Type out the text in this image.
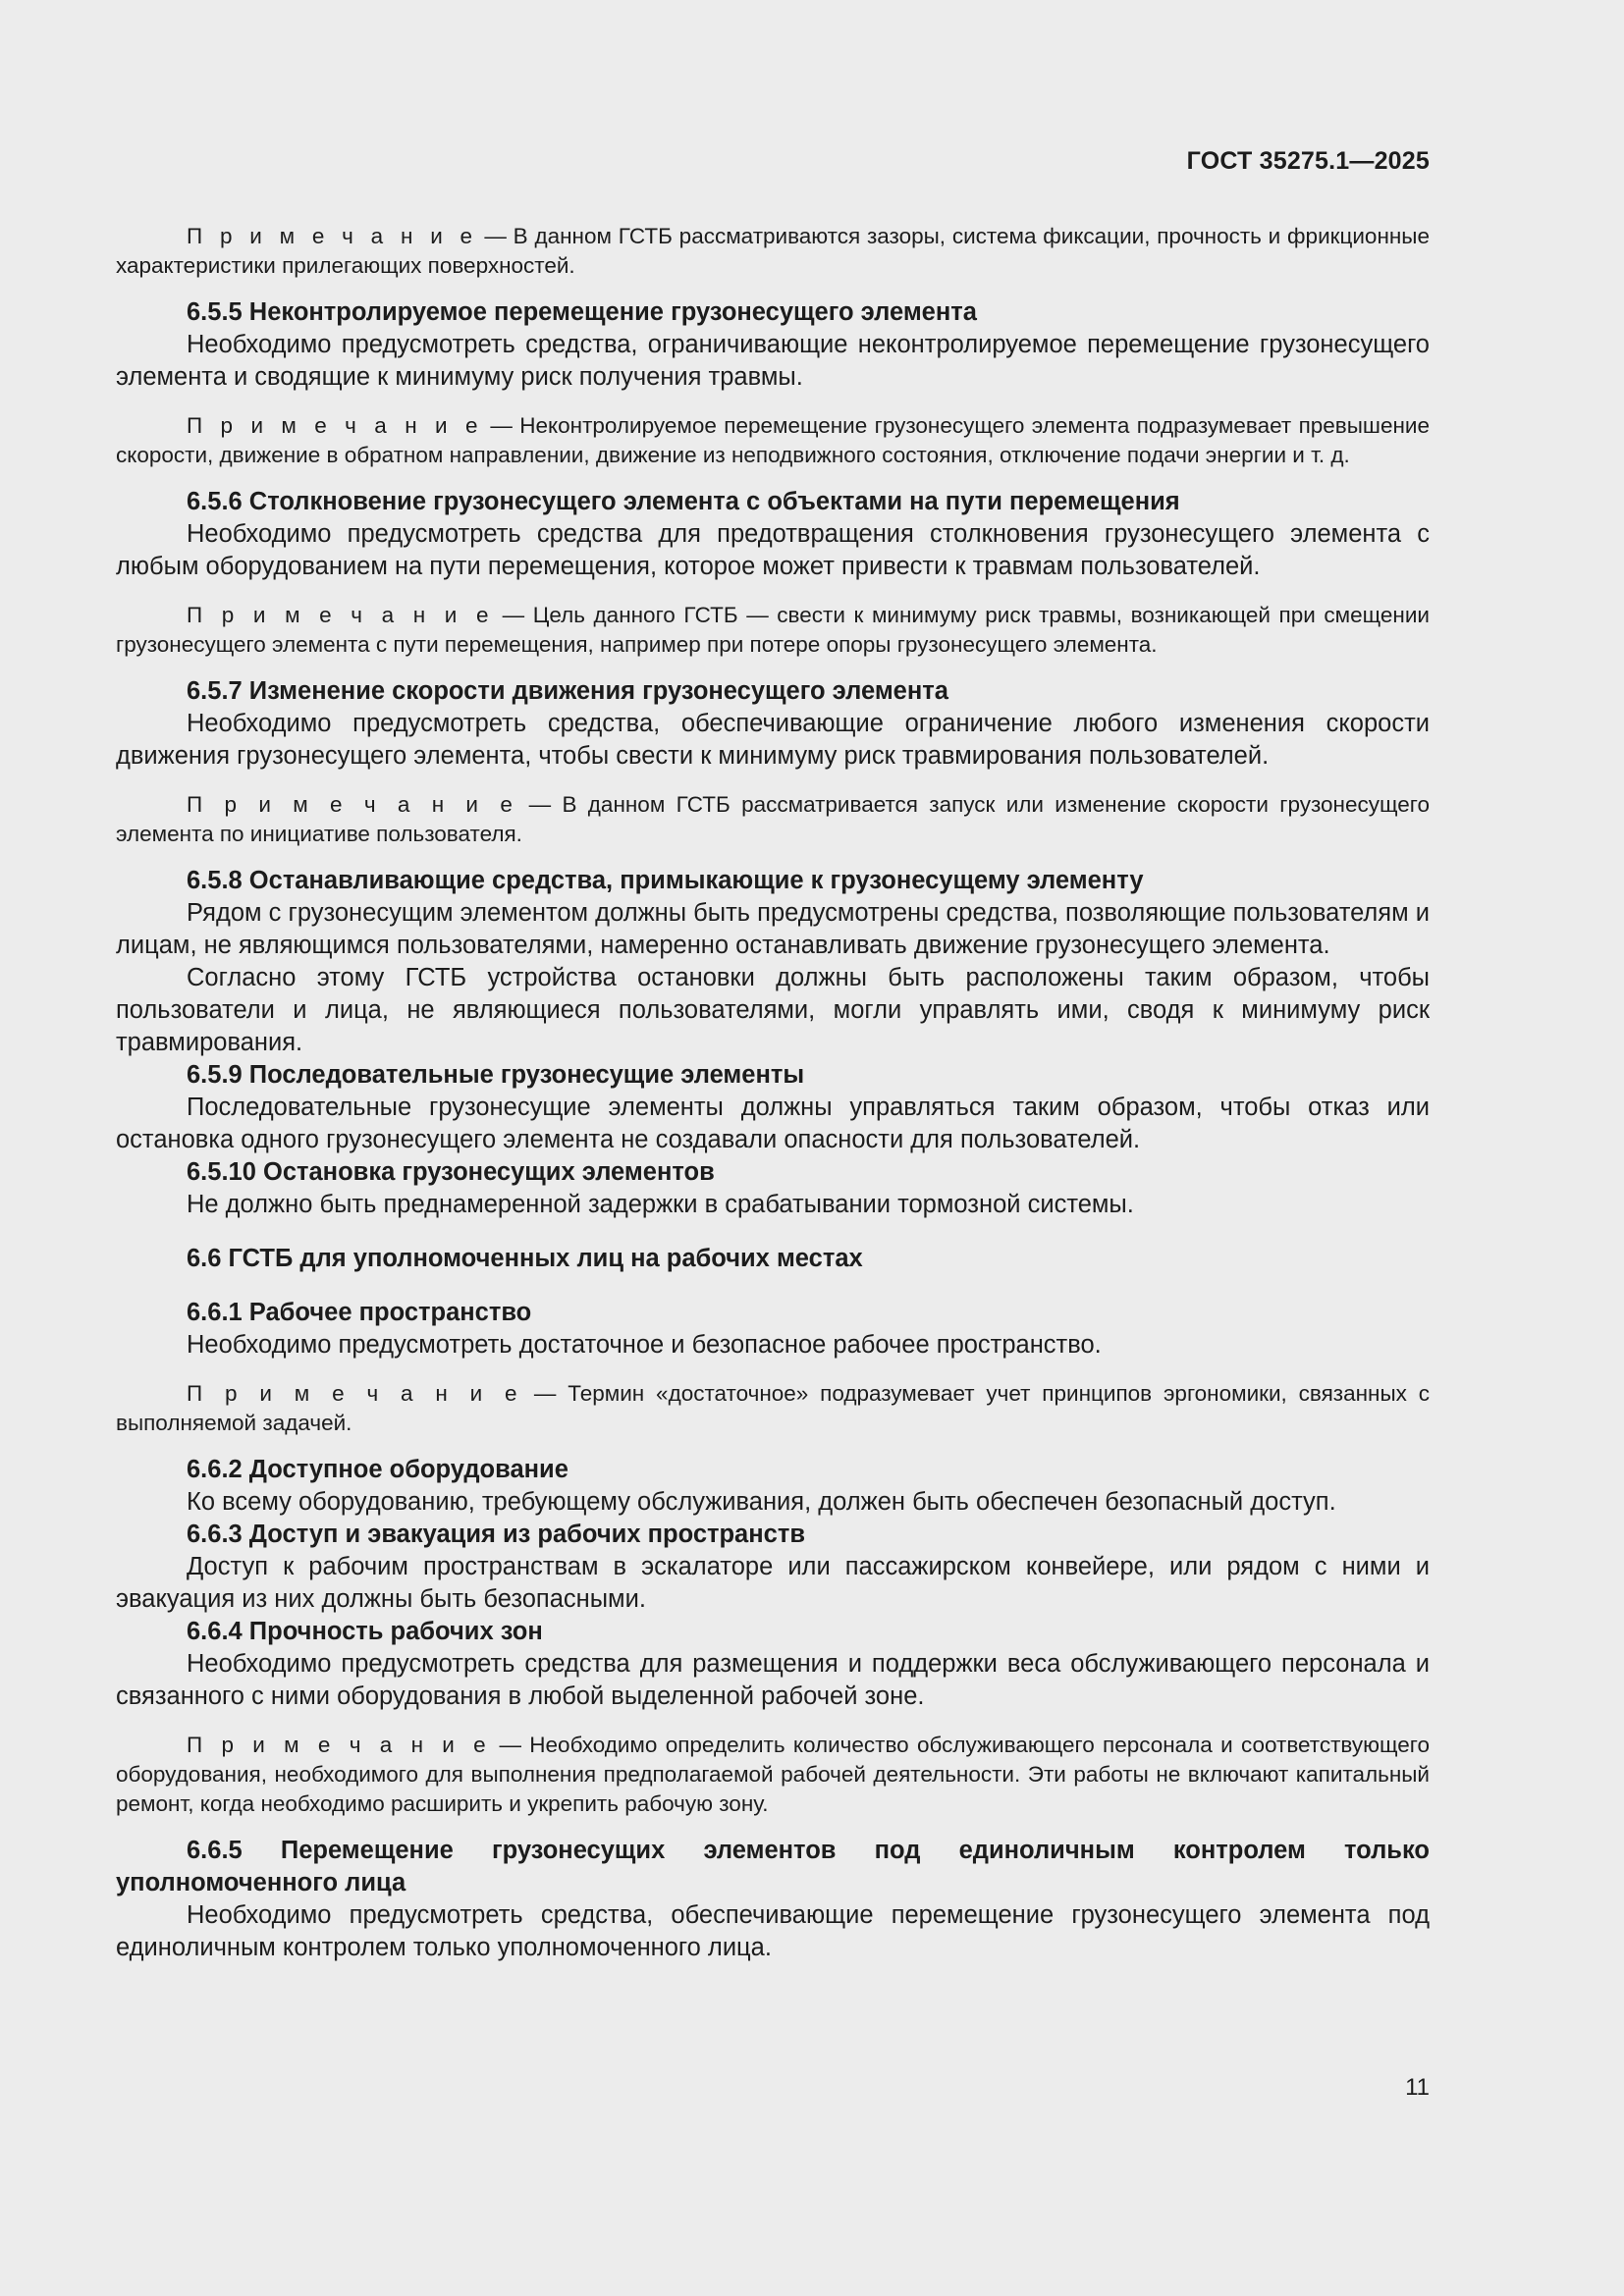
ГОСТ 35275.1—2025

П р и м е ч а н и е — В данном ГСТБ рассматриваются зазоры, система фиксации, прочность и фрикционные характеристики прилегающих поверхностей.

6.5.5 Неконтролируемое перемещение грузонесущего элемента

Необходимо предусмотреть средства, ограничивающие неконтролируемое перемещение грузонесущего элемента и сводящие к минимуму риск получения травмы.

П р и м е ч а н и е — Неконтролируемое перемещение грузонесущего элемента подразумевает превышение скорости, движение в обратном направлении, движение из неподвижного состояния, отключение подачи энергии и т. д.

6.5.6 Столкновение грузонесущего элемента с объектами на пути перемещения

Необходимо предусмотреть средства для предотвращения столкновения грузонесущего элемента с любым оборудованием на пути перемещения, которое может привести к травмам пользователей.

П р и м е ч а н и е — Цель данного ГСТБ — свести к минимуму риск травмы, возникающей при смещении грузонесущего элемента с пути перемещения, например при потере опоры грузонесущего элемента.

6.5.7 Изменение скорости движения грузонесущего элемента

Необходимо предусмотреть средства, обеспечивающие ограничение любого изменения скорости движения грузонесущего элемента, чтобы свести к минимуму риск травмирования пользователей.

П р и м е ч а н и е — В данном ГСТБ рассматривается запуск или изменение скорости грузонесущего элемента по инициативе пользователя.

6.5.8 Останавливающие средства, примыкающие к грузонесущему элементу

Рядом с грузонесущим элементом должны быть предусмотрены средства, позволяющие пользователям и лицам, не являющимся пользователями, намеренно останавливать движение грузонесущего элемента.

Согласно этому ГСТБ устройства остановки должны быть расположены таким образом, чтобы пользователи и лица, не являющиеся пользователями, могли управлять ими, сводя к минимуму риск травмирования.

6.5.9 Последовательные грузонесущие элементы

Последовательные грузонесущие элементы должны управляться таким образом, чтобы отказ или остановка одного грузонесущего элемента не создавали опасности для пользователей.

6.5.10 Остановка грузонесущих элементов

Не должно быть преднамеренной задержки в срабатывании тормозной системы.

6.6 ГСТБ для уполномоченных лиц на рабочих местах

6.6.1 Рабочее пространство

Необходимо предусмотреть достаточное и безопасное рабочее пространство.

П р и м е ч а н и е — Термин «достаточное» подразумевает учет принципов эргономики, связанных с выполняемой задачей.

6.6.2 Доступное оборудование

Ко всему оборудованию, требующему обслуживания, должен быть обеспечен безопасный доступ.

6.6.3 Доступ и эвакуация из рабочих пространств

Доступ к рабочим пространствам в эскалаторе или пассажирском конвейере, или рядом с ними и эвакуация из них должны быть безопасными.

6.6.4 Прочность рабочих зон

Необходимо предусмотреть средства для размещения и поддержки веса обслуживающего персонала и связанного с ними оборудования в любой выделенной рабочей зоне.

П р и м е ч а н и е — Необходимо определить количество обслуживающего персонала и соответствующего оборудования, необходимого для выполнения предполагаемой рабочей деятельности. Эти работы не включают капитальный ремонт, когда необходимо расширить и укрепить рабочую зону.

6.6.5 Перемещение грузонесущих элементов под единоличным контролем только уполномоченного лица

Необходимо предусмотреть средства, обеспечивающие перемещение грузонесущего элемента под единоличным контролем только уполномоченного лица.

11
